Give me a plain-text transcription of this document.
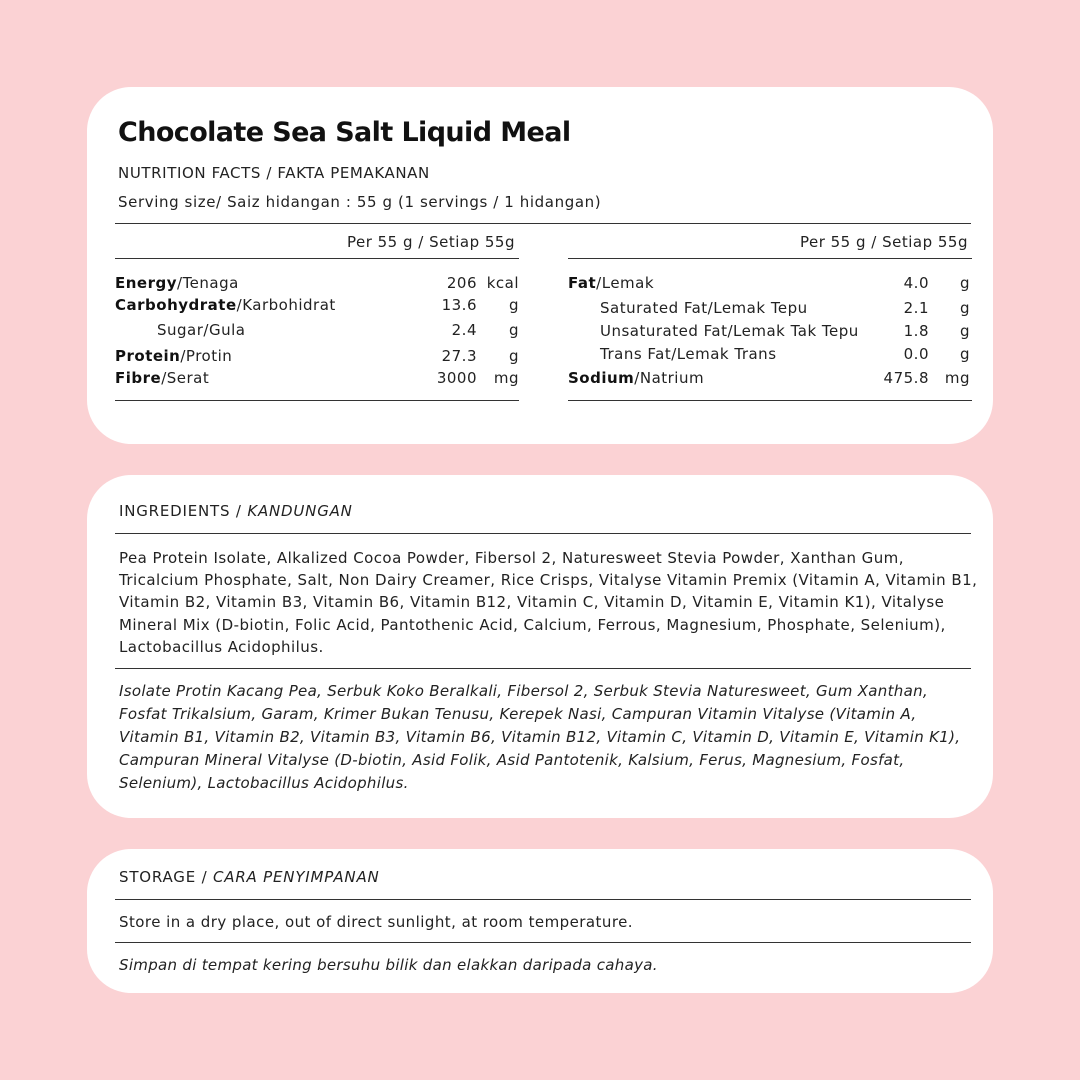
Chocolate Sea Salt Liquid Meal
NUTRITION FACTS / FAKTA PEMAKANAN
Serving size/ Saiz hidangan : 55 g (1 servings / 1 hidangan)
Per 55 g / Setiap 55g
Energy/Tenaga	206 kcal
Carbohydrate/Karbohidrat	13.6	g
Sugar/Gula	2.4	g
Protein/Protin	27.3	g
Fibre/Serat	3000	mg
Per 55 g / Setiap 55g
Fat/Lemak	4.0	g
Saturated Fat/Lemak Tepu	2.1	g
Unsaturated Fat/Lemak Tak Tepu	1.8	g
Trans Fat/Lemak Trans	0.0	g
Sodium/Natrium	475.8	mg
INGREDIENTS / KANDUNGAN
Pea Protein Isolate, Alkalized Cocoa Powder, Fibersol 2, Naturesweet Stevia Powder, Xanthan Gum, Tricalcium Phosphate, Salt, Non Dairy Creamer, Rice Crisps, Vitalyse Vitamin Premix (Vitamin A, Vitamin B1, Vitamin B2, Vitamin B3, Vitamin B6, Vitamin B12, Vitamin C, Vitamin D, Vitamin E, Vitamin K1), Vitalyse Mineral Mix (D-biotin, Folic Acid, Pantothenic Acid, Calcium, Ferrous, Magnesium, Phosphate, Selenium), Lactobacillus Acidophilus.
Isolate Protin Kacang Pea, Serbuk Koko Beralkali, Fibersol 2, Serbuk Stevia Naturesweet, Gum Xanthan, Fosfat Trikalsium, Garam, Krimer Bukan Tenusu, Kerepek Nasi, Campuran Vitamin Vitalyse (Vitamin A, Vitamin B1, Vitamin B2, Vitamin B3, Vitamin B6, Vitamin B12, Vitamin C, Vitamin D, Vitamin E, Vitamin K1), Campuran Mineral Vitalyse (D-biotin, Asid Folik, Asid Pantotenik, Kalsium, Ferus, Magnesium, Fosfat, Selenium), Lactobacillus Acidophilus.
STORAGE / CARA PENYIMPANAN
Store in a dry place, out of direct sunlight, at room temperature.
Simpan di tempat kering bersuhu bilik dan elakkan daripada cahaya.
